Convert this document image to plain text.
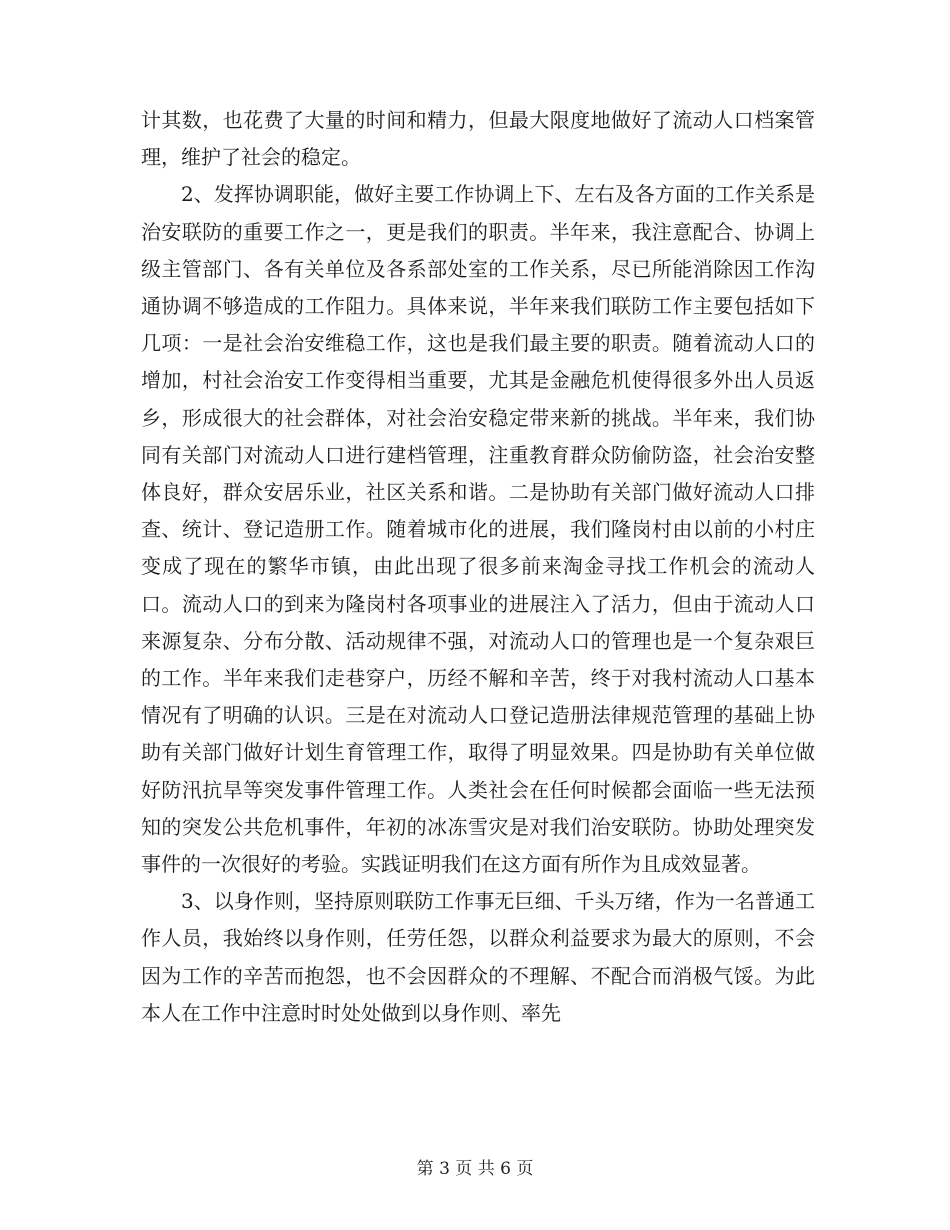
计其数，也花费了大量的时间和精力，但最大限度地做好了流动人口档案管理，维护了社会的稳定。

2、发挥协调职能，做好主要工作协调上下、左右及各方面的工作关系是治安联防的重要工作之一，更是我们的职责。半年来，我注意配合、协调上级主管部门、各有关单位及各系部处室的工作关系，尽已所能消除因工作沟通协调不够造成的工作阻力。具体来说，半年来我们联防工作主要包括如下几项：一是社会治安维稳工作，这也是我们最主要的职责。随着流动人口的增加，村社会治安工作变得相当重要，尤其是金融危机使得很多外出人员返乡，形成很大的社会群体，对社会治安稳定带来新的挑战。半年来，我们协同有关部门对流动人口进行建档管理，注重教育群众防偷防盗，社会治安整体良好，群众安居乐业，社区关系和谐。二是协助有关部门做好流动人口排查、统计、登记造册工作。随着城市化的进展，我们隆岗村由以前的小村庄变成了现在的繁华市镇，由此出现了很多前来淘金寻找工作机会的流动人口。流动人口的到来为隆岗村各项事业的进展注入了活力，但由于流动人口来源复杂、分布分散、活动规律不强，对流动人口的管理也是一个复杂艰巨的工作。半年来我们走巷穿户，历经不解和辛苦，终于对我村流动人口基本情况有了明确的认识。三是在对流动人口登记造册法律规范管理的基础上协助有关部门做好计划生育管理工作，取得了明显效果。四是协助有关单位做好防汛抗旱等突发事件管理工作。人类社会在任何时候都会面临一些无法预知的突发公共危机事件，年初的冰冻雪灾是对我们治安联防。协助处理突发事件的一次很好的考验。实践证明我们在这方面有所作为且成效显著。

3、以身作则，坚持原则联防工作事无巨细、千头万绪，作为一名普通工作人员，我始终以身作则，任劳任怨，以群众利益要求为最大的原则，不会因为工作的辛苦而抱怨，也不会因群众的不理解、不配合而消极气馁。为此本人在工作中注意时时处处做到以身作则、率先

第 3 页 共 6 页
